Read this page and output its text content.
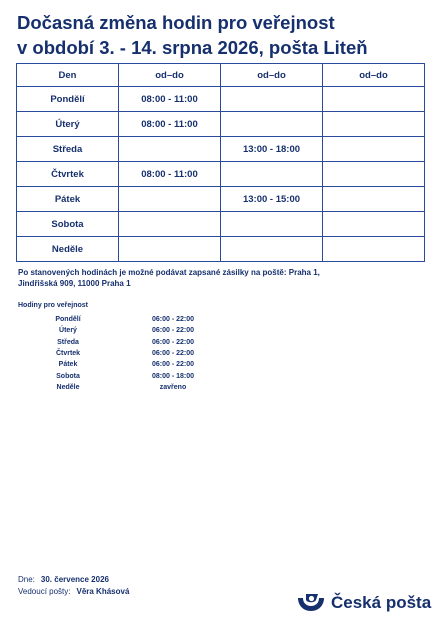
Dočasná změna hodin pro veřejnost
v období 3. - 14. srpna 2026, pošta Liteň
Den	od–do	od–do	od–do
Pondělí	08:00 - 11:00		
Úterý	08:00 - 11:00		
Středa		13:00 - 18:00	
Čtvrtek	08:00 - 11:00		
Pátek		13:00 - 15:00	
Sobota			
Neděle			
Po stanovených hodinách je možné podávat zapsané zásilky na poště: Praha 1,
Jindřišská 909, 11000 Praha 1
Hodiny pro veřejnost
Pondělí	06:00 - 22:00
Úterý	06:00 - 22:00
Středa	06:00 - 22:00
Čtvrtek	06:00 - 22:00
Pátek	06:00 - 22:00
Sobota	08:00 - 18:00
Neděle	zavřeno
Dne: 30. července 2026
Vedoucí pošty: Věra Khásová
Česká pošta
